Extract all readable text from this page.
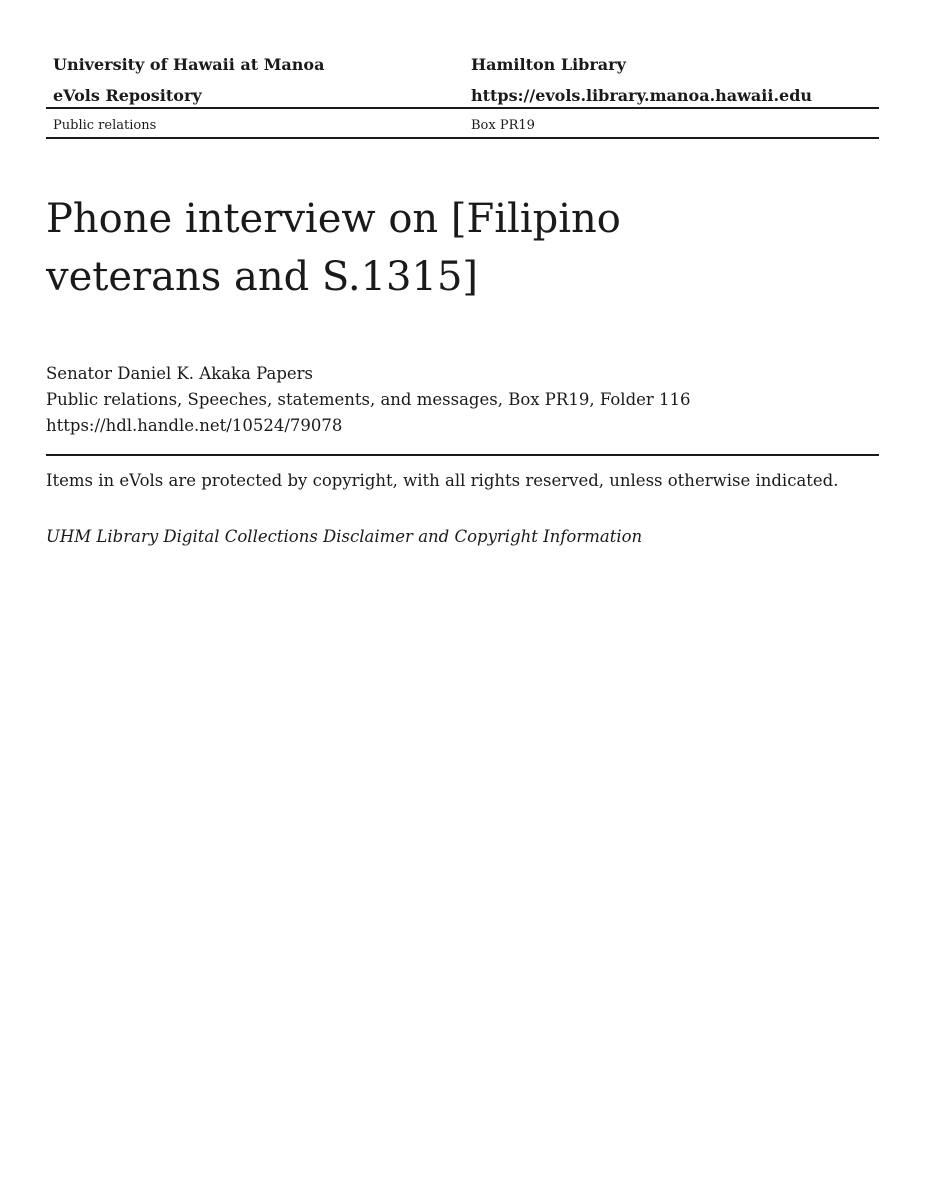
University of Hawaii at Manoa	Hamilton Library
eVols Repository	https://evols.library.manoa.hawaii.edu
Public relations	Box PR19
Phone interview on [Filipino
veterans and S.1315]
Senator Daniel K. Akaka Papers
Public relations, Speeches, statements, and messages, Box PR19, Folder 116
https://hdl.handle.net/10524/79078
Items in eVols are protected by copyright, with all rights reserved, unless otherwise indicated.
UHM Library Digital Collections Disclaimer and Copyright Information
